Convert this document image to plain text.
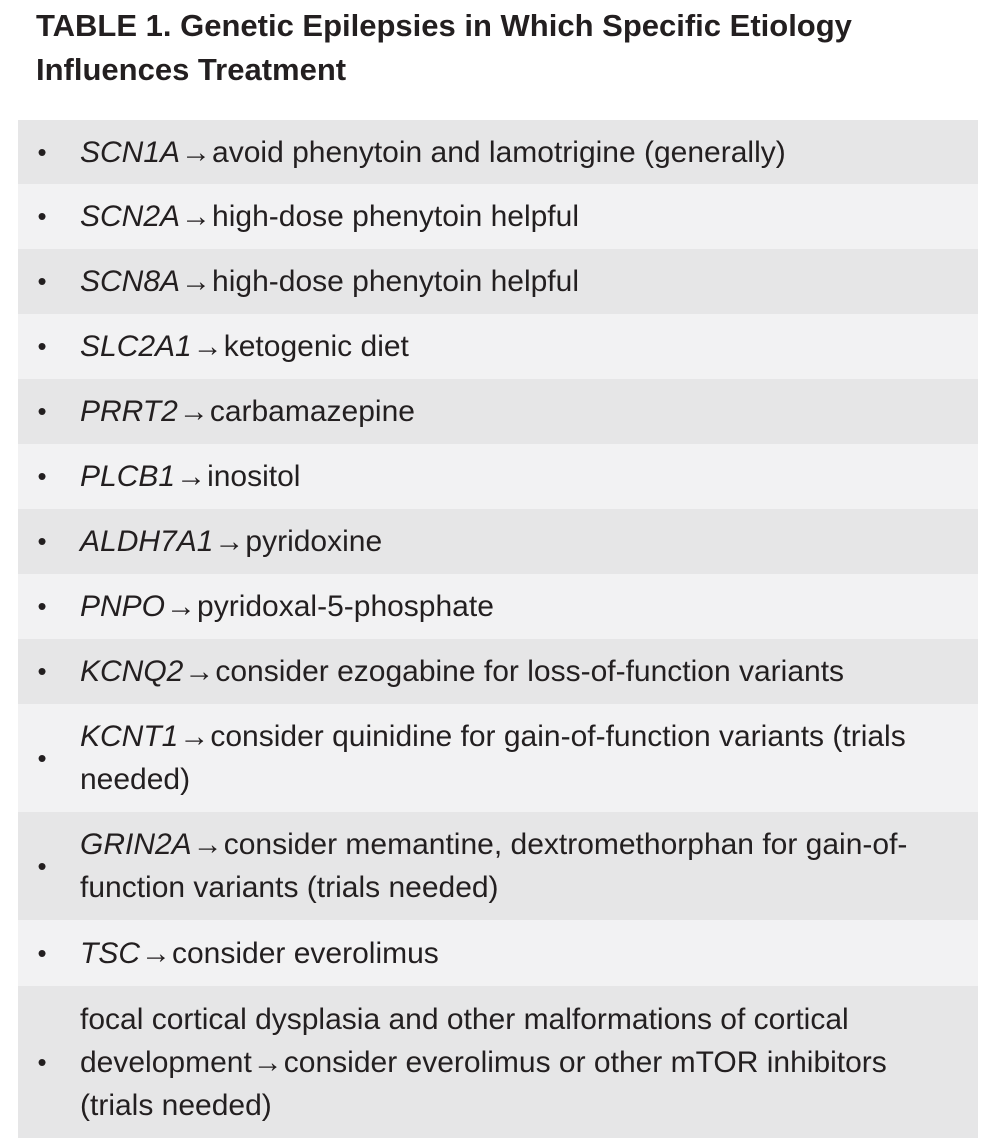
TABLE 1. Genetic Epilepsies in Which Specific Etiology Influences Treatment
• SCN1A→avoid phenytoin and lamotrigine (generally)
• SCN2A→high-dose phenytoin helpful
• SCN8A→high-dose phenytoin helpful
• SLC2A1→ketogenic diet
• PRRT2→carbamazepine
• PLCB1→inositol
• ALDH7A1→pyridoxine
• PNPO→pyridoxal-5-phosphate
• KCNQ2→consider ezogabine for loss-of-function variants
•
KCNT1→consider quinidine for gain-of-function variants (trials needed)
•
GRIN2A→consider memantine, dextromethorphan for gain-of-function variants (trials needed)
• TSC→consider everolimus
•
focal cortical dysplasia and other malformations of cortical development→consider everolimus or other mTOR inhibitors (trials needed)
